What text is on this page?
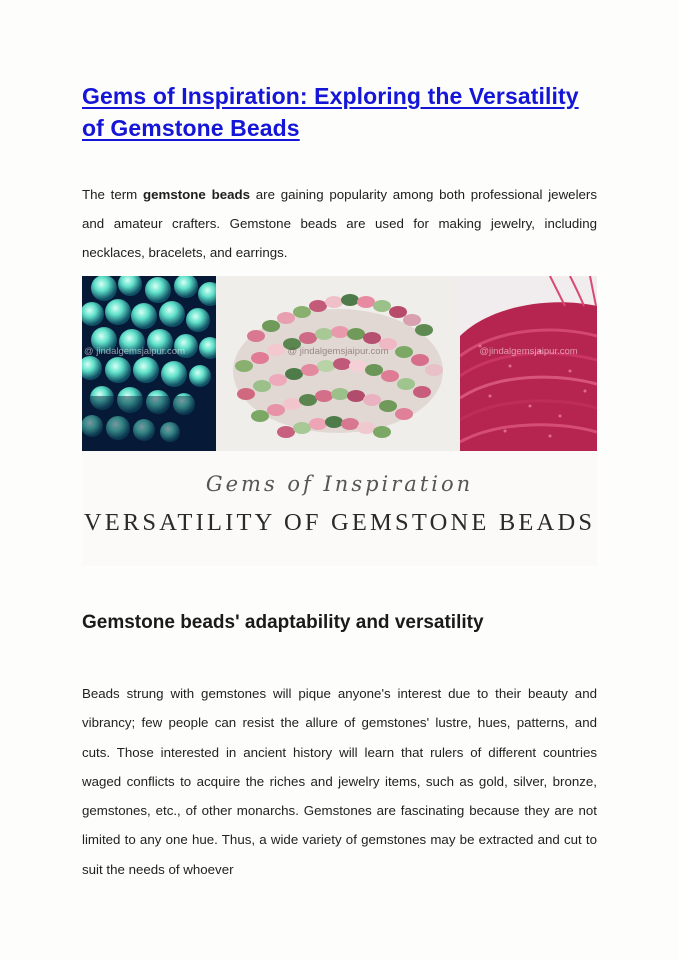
Gems of Inspiration: Exploring the Versatility of Gemstone Beads

The term gemstone beads are gaining popularity among both professional jewelers and amateur crafters. Gemstone beads are used for making jewelry, including necklaces, bracelets, and earrings.

@ jindalgemsjaipur.com	@ jindalgemsjaipur.com	@jindalgemsjaipur.com
Gems of Inspiration
VERSATILITY OF GEMSTONE BEADS
Gemstone beads' adaptability and versatility

Beads strung with gemstones will pique anyone's interest due to their beauty and vibrancy; few people can resist the allure of gemstones' lustre, hues, patterns, and cuts. Those interested in ancient history will learn that rulers of different countries waged conflicts to acquire the riches and jewelry items, such as gold, silver, bronze, gemstones, etc., of other monarchs. Gemstones are fascinating because they are not limited to any one hue. Thus, a wide variety of gemstones may be extracted and cut to suit the needs of whoever
